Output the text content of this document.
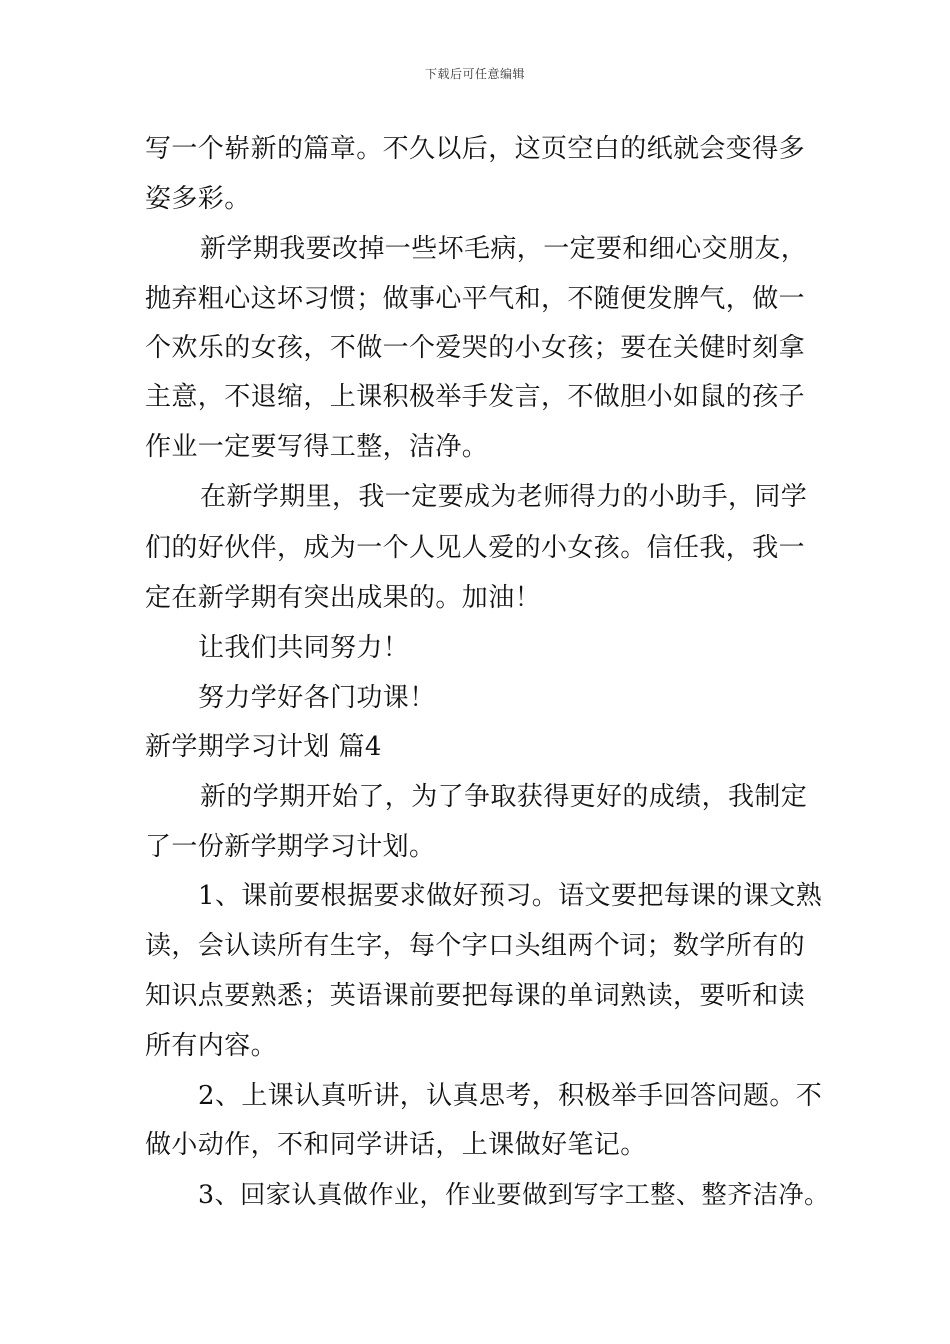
下载后可任意编辑
写一个崭新的篇章。不久以后，这页空白的纸就会变得多
姿多彩。
新学期我要改掉一些坏毛病，一定要和细心交朋友，
抛弃粗心这坏习惯；做事心平气和，不随便发脾气，做一
个欢乐的女孩，不做一个爱哭的小女孩；要在关健时刻拿
主意，不退缩，上课积极举手发言，不做胆小如鼠的孩子
作业一定要写得工整，洁净。
在新学期里，我一定要成为老师得力的小助手，同学
们的好伙伴，成为一个人见人爱的小女孩。信任我，我一
定在新学期有突出成果的。加油！
让我们共同努力！
努力学好各门功课！
新学期学习计划 篇4
新的学期开始了，为了争取获得更好的成绩，我制定
了一份新学期学习计划。
1、课前要根据要求做好预习。语文要把每课的课文熟
读，会认读所有生字，每个字口头组两个词；数学所有的
知识点要熟悉；英语课前要把每课的单词熟读，要听和读
所有内容。
2、上课认真听讲，认真思考，积极举手回答问题。不
做小动作，不和同学讲话，上课做好笔记。
3、回家认真做作业，作业要做到写字工整、整齐洁净。
